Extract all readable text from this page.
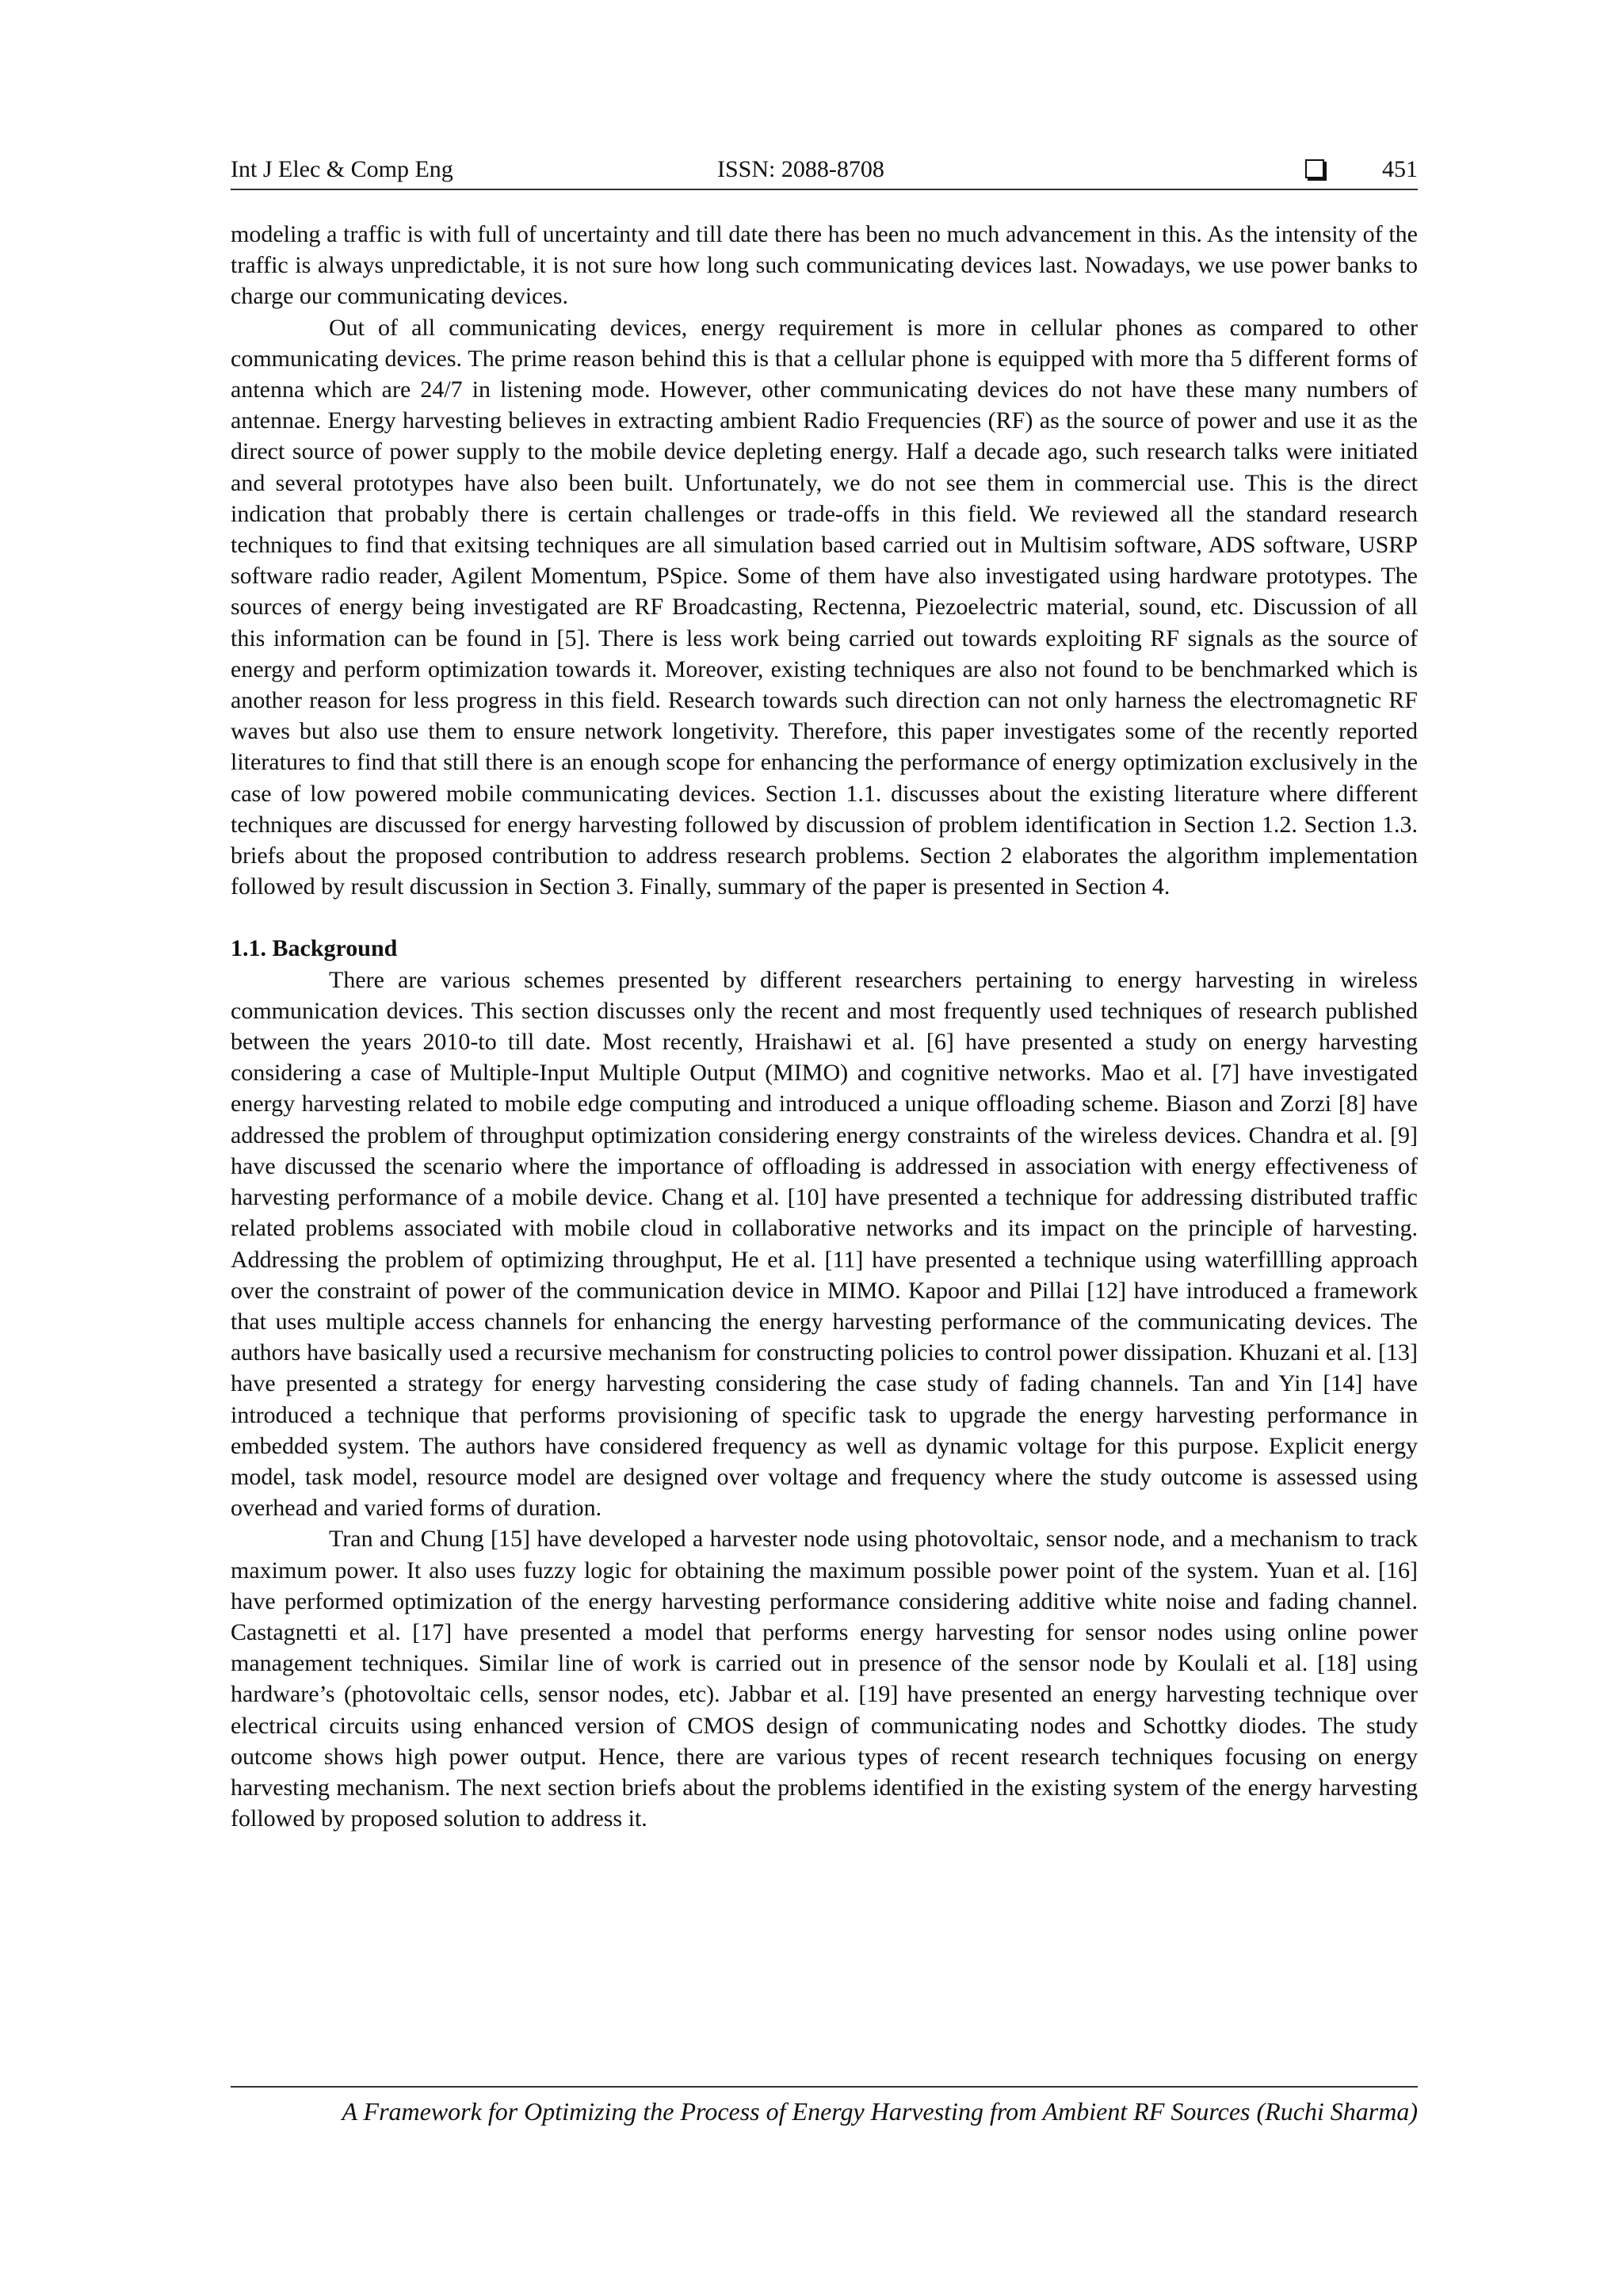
Int J Elec & Comp Eng	ISSN: 2088-8708	451

modeling a traffic is with full of uncertainty and till date there has been no much advancement in this. As the intensity of the traffic is always unpredictable, it is not sure how long such communicating devices last. Nowadays, we use power banks to charge our communicating devices.

Out of all communicating devices, energy requirement is more in cellular phones as compared to other communicating devices. The prime reason behind this is that a cellular phone is equipped with more tha 5 different forms of antenna which are 24/7 in listening mode. However, other communicating devices do not have these many numbers of antennae. Energy harvesting believes in extracting ambient Radio Frequencies (RF) as the source of power and use it as the direct source of power supply to the mobile device depleting energy. Half a decade ago, such research talks were initiated and several prototypes have also been built. Unfortunately, we do not see them in commercial use. This is the direct indication that probably there is certain challenges or trade-offs in this field. We reviewed all the standard research techniques to find that exitsing techniques are all simulation based carried out in Multisim software, ADS software, USRP software radio reader, Agilent Momentum, PSpice. Some of them have also investigated using hardware prototypes. The sources of energy being investigated are RF Broadcasting, Rectenna, Piezoelectric material, sound, etc. Discussion of all this information can be found in [5]. There is less work being carried out towards exploiting RF signals as the source of energy and perform optimization towards it. Moreover, existing techniques are also not found to be benchmarked which is another reason for less progress in this field. Research towards such direction can not only harness the electromagnetic RF waves but also use them to ensure network longetivity. Therefore, this paper investigates some of the recently reported literatures to find that still there is an enough scope for enhancing the performance of energy optimization exclusively in the case of low powered mobile communicating devices. Section 1.1. discusses about the existing literature where different techniques are discussed for energy harvesting followed by discussion of problem identification in Section 1.2. Section 1.3. briefs about the proposed contribution to address research problems. Section 2 elaborates the algorithm implementation followed by result discussion in Section 3. Finally, summary of the paper is presented in Section 4.

1.1. Background

There are various schemes presented by different researchers pertaining to energy harvesting in wireless communication devices. This section discusses only the recent and most frequently used techniques of research published between the years 2010-to till date. Most recently, Hraishawi et al. [6] have presented a study on energy harvesting considering a case of Multiple-Input Multiple Output (MIMO) and cognitive networks. Mao et al. [7] have investigated energy harvesting related to mobile edge computing and introduced a unique offloading scheme. Biason and Zorzi [8] have addressed the problem of throughput optimization considering energy constraints of the wireless devices. Chandra et al. [9] have discussed the scenario where the importance of offloading is addressed in association with energy effectiveness of harvesting performance of a mobile device. Chang et al. [10] have presented a technique for addressing distributed traffic related problems associated with mobile cloud in collaborative networks and its impact on the principle of harvesting. Addressing the problem of optimizing throughput, He et al. [11] have presented a technique using waterfillling approach over the constraint of power of the communication device in MIMO. Kapoor and Pillai [12] have introduced a framework that uses multiple access channels for enhancing the energy harvesting performance of the communicating devices. The authors have basically used a recursive mechanism for constructing policies to control power dissipation. Khuzani et al. [13] have presented a strategy for energy harvesting considering the case study of fading channels. Tan and Yin [14] have introduced a technique that performs provisioning of specific task to upgrade the energy harvesting performance in embedded system. The authors have considered frequency as well as dynamic voltage for this purpose. Explicit energy model, task model, resource model are designed over voltage and frequency where the study outcome is assessed using overhead and varied forms of duration.

Tran and Chung [15] have developed a harvester node using photovoltaic, sensor node, and a mechanism to track maximum power. It also uses fuzzy logic for obtaining the maximum possible power point of the system. Yuan et al. [16] have performed optimization of the energy harvesting performance considering additive white noise and fading channel. Castagnetti et al. [17] have presented a model that performs energy harvesting for sensor nodes using online power management techniques. Similar line of work is carried out in presence of the sensor node by Koulali et al. [18] using hardware’s (photovoltaic cells, sensor nodes, etc). Jabbar et al. [19] have presented an energy harvesting technique over electrical circuits using enhanced version of CMOS design of communicating nodes and Schottky diodes. The study outcome shows high power output. Hence, there are various types of recent research techniques focusing on energy harvesting mechanism. The next section briefs about the problems identified in the existing system of the energy harvesting followed by proposed solution to address it.

A Framework for Optimizing the Process of Energy Harvesting from Ambient RF Sources (Ruchi Sharma)
